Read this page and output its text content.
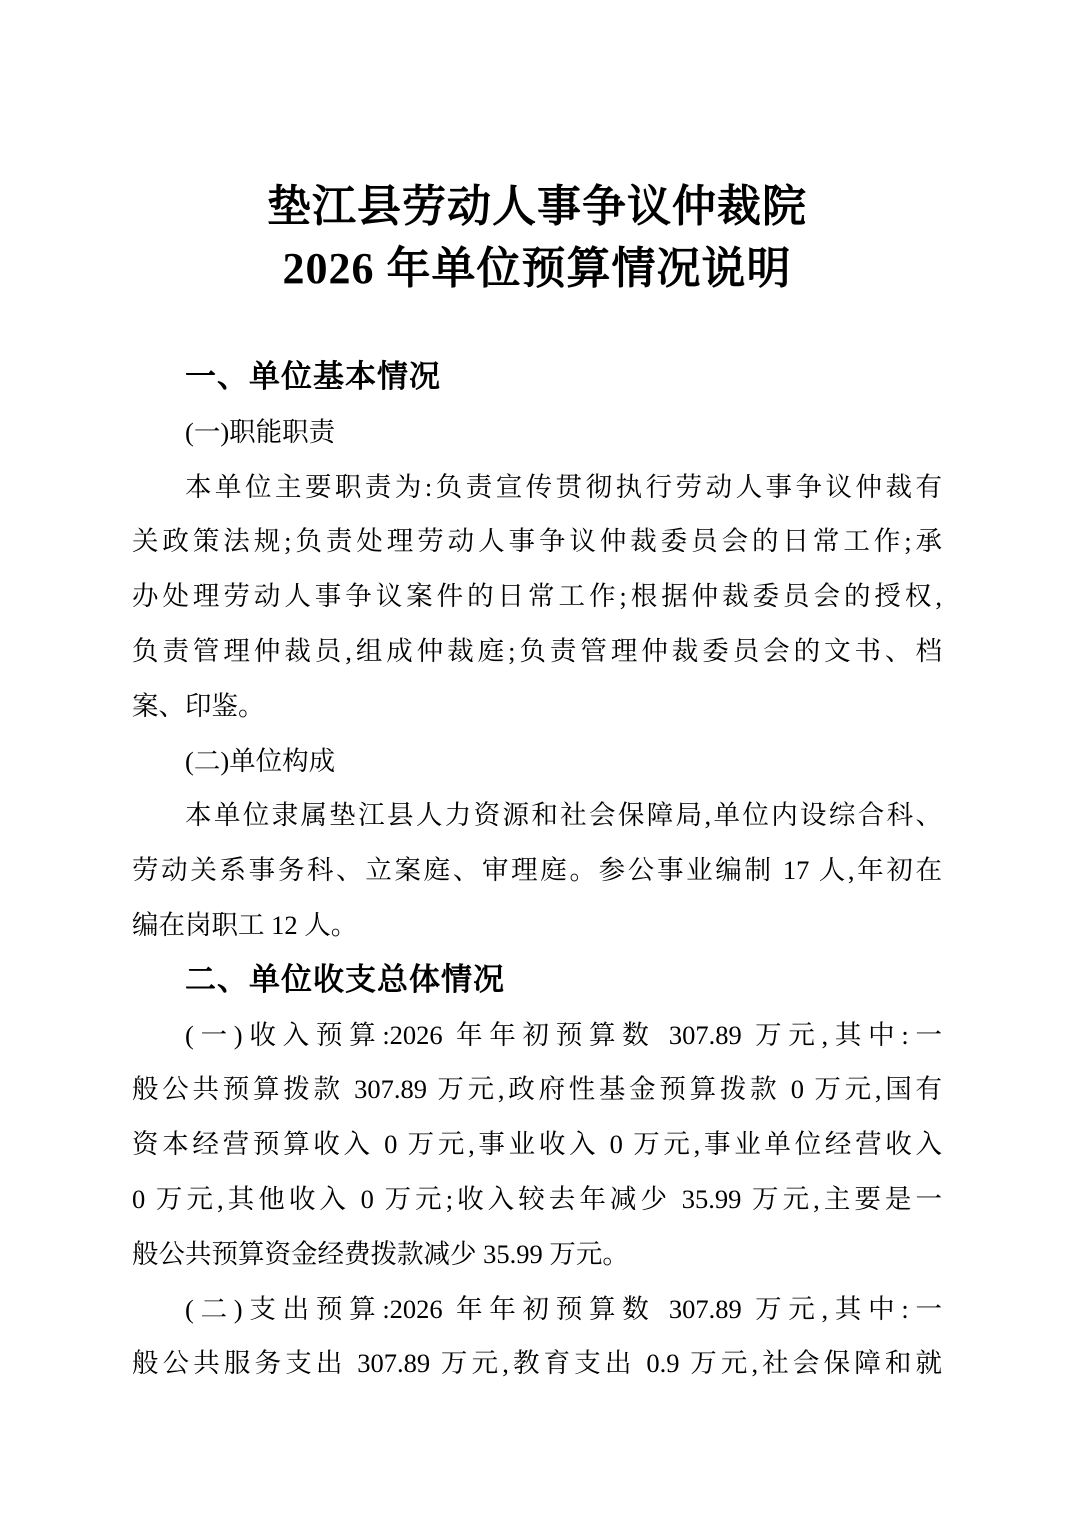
垫江县劳动人事争议仲裁院
2026 年单位预算情况说明
一、单位基本情况
(一)职能职责
本单位主要职责为:负责宣传贯彻执行劳动人事争议仲裁有
关政策法规;负责处理劳动人事争议仲裁委员会的日常工作;承
办处理劳动人事争议案件的日常工作;根据仲裁委员会的授权,
负责管理仲裁员,组成仲裁庭;负责管理仲裁委员会的文书、档
案、印鉴。
(二)单位构成
本单位隶属垫江县人力资源和社会保障局,单位内设综合科、
劳动关系事务科、立案庭、审理庭。参公事业编制 17 人,年初在
编在岗职工 12 人。
二、单位收支总体情况
(一)收入预算:2026 年年初预算数 307.89 万元,其中:一
般公共预算拨款 307.89 万元,政府性基金预算拨款 0 万元,国有
资本经营预算收入 0 万元,事业收入 0 万元,事业单位经营收入
0 万元,其他收入 0 万元;收入较去年减少 35.99 万元,主要是一
般公共预算资金经费拨款减少 35.99 万元。
(二)支出预算:2026 年年初预算数 307.89 万元,其中:一
般公共服务支出 307.89 万元,教育支出 0.9 万元,社会保障和就
